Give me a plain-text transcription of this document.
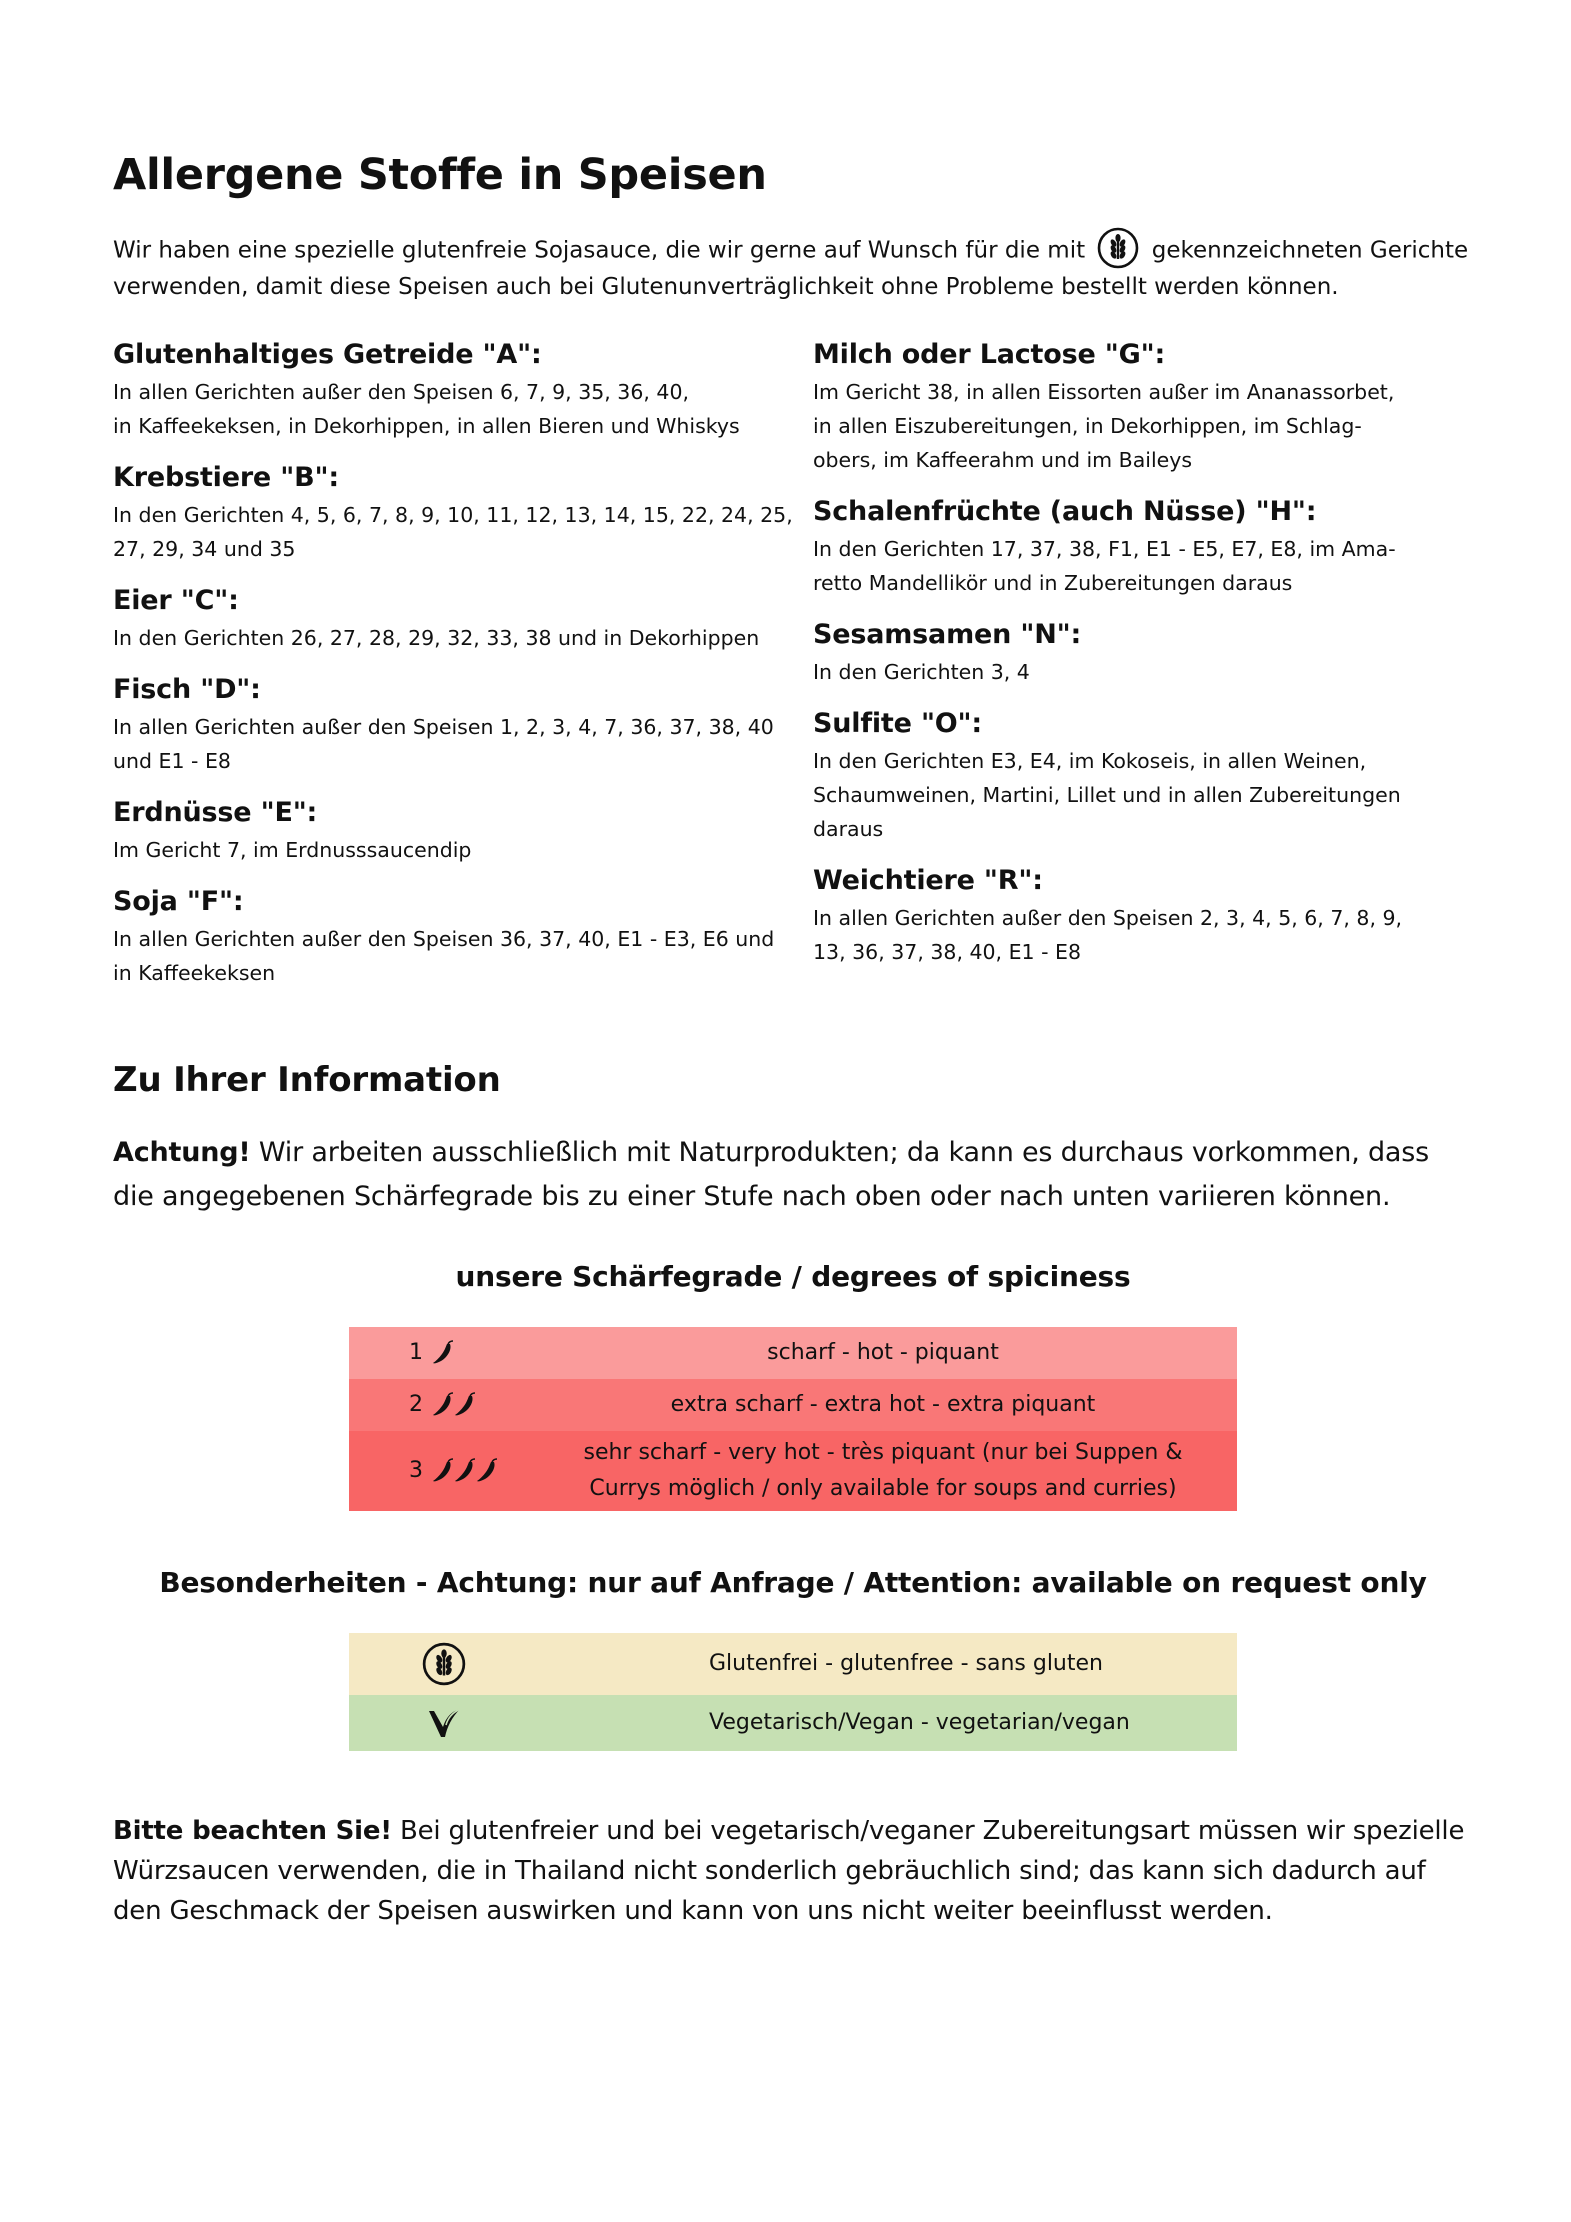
Allergene Stoffe in Speisen
Wir haben eine spezielle glutenfreie Sojasauce, die wir gerne auf Wunsch für die mit	gekennzeichneten Gerichte verwenden, damit diese Speisen auch bei Glutenunverträglichkeit ohne Probleme bestellt werden können.
Glutenhaltiges Getreide "A":

In allen Gerichten außer den Speisen 6, 7, 9, 35, 36, 40,
in Kaffeekeksen, in Dekorhippen, in allen Bieren und Whiskys

Krebstiere "B":

In den Gerichten 4, 5, 6, 7, 8, 9, 10, 11, 12, 13, 14, 15, 22, 24, 25,
27, 29, 34 und 35

Eier "C":

In den Gerichten 26, 27, 28, 29, 32, 33, 38 und in Dekorhippen

Fisch "D":

In allen Gerichten außer den Speisen 1, 2, 3, 4, 7, 36, 37, 38, 40
und E1 - E8

Erdnüsse "E":

Im Gericht 7, im Erdnusssaucendip

Soja "F":

In allen Gerichten außer den Speisen 36, 37, 40, E1 - E3, E6 und
in Kaffeekeksen

Milch oder Lactose "G":

Im Gericht 38, in allen Eissorten außer im Ananassorbet,
in allen Eiszubereitungen, in Dekorhippen, im Schlag-
obers, im Kaffeerahm und im Baileys

Schalenfrüchte (auch Nüsse) "H":

In den Gerichten 17, 37, 38, F1, E1 - E5, E7, E8, im Ama-
retto Mandellikör und in Zubereitungen daraus

Sesamsamen "N":

In den Gerichten 3, 4

Sulfite "O":

In den Gerichten E3, E4, im Kokoseis, in allen Weinen,
Schaumweinen, Martini, Lillet und in allen Zubereitungen
daraus

Weichtiere "R":

In allen Gerichten außer den Speisen 2, 3, 4, 5, 6, 7, 8, 9,
13, 36, 37, 38, 40, E1 - E8

Zu Ihrer Information
Achtung! Wir arbeiten ausschließlich mit Naturprodukten; da kann es durchaus vorkommen, dass die angegebenen Schärfegrade bis zu einer Stufe nach oben oder nach unten variieren können.
unsere Schärfegrade / degrees of spiciness
1	scharf - hot - piquant
2	extra scharf - extra hot - extra piquant
3	sehr scharf - very hot - très piquant (nur bei Suppen & Currys möglich / only available for soups and curries)
Besonderheiten - Achtung: nur auf Anfrage / Attention: available on request only
	Glutenfrei - glutenfree - sans gluten
	Vegetarisch/Vegan - vegetarian/vegan
Bitte beachten Sie! Bei glutenfreier und bei vegetarisch/veganer Zubereitungsart müssen wir spezielle Würzsaucen verwenden, die in Thailand nicht sonderlich gebräuchlich sind; das kann sich dadurch auf den Geschmack der Speisen auswirken und kann von uns nicht weiter beeinflusst werden.
